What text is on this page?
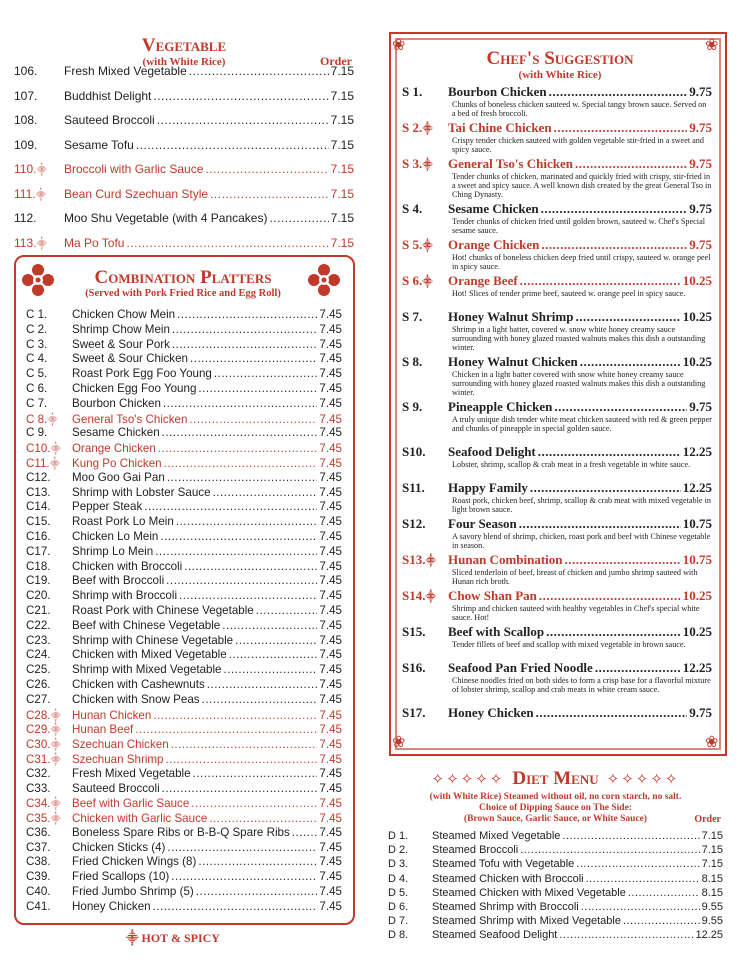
Vegetable
(with White Rice)	Order
106.	Fresh Mixed Vegetable .....	7.15
107.	Buddhist Delight .....	7.15
108.	Sauteed Broccoli .....	7.15
109.	Sesame Tofu .....	7.15
110.⸎	Broccoli with Garlic Sauce .....	7.15
111.⸎	Bean Curd Szechuan Style .....	7.15
112.	Moo Shu Vegetable (with 4 Pancakes) .....	7.15
113.⸎	Ma Po Tofu .....	7.15
Combination Platters
(Served with Pork Fried Rice and Egg Roll)
C 1.	Chicken Chow Mein .....	7.45
C 2.	Shrimp Chow Mein .....	7.45
C 3.	Sweet & Sour Pork .....	7.45
C 4.	Sweet & Sour Chicken .....	7.45
C 5.	Roast Pork Egg Foo Young .....	7.45
C 6.	Chicken Egg Foo Young .....	7.45
C 7.	Bourbon Chicken .....	7.45
C 8.⸎	General Tso's Chicken .....	7.45
C 9.	Sesame Chicken .....	7.45
C10.⸎ Orange Chicken .....	7.45
C11.⸎	Kung Po Chicken .....	7.45
C12.	Moo Goo Gai Pan .....	7.45
C13.	Shrimp with Lobster Sauce .....	7.45
C14.	Pepper Steak .....	7.45
C15.	Roast Pork Lo Mein .....	7.45
C16.	Chicken Lo Mein .....	7.45
C17.	Shrimp Lo Mein .....	7.45
C18.	Chicken with Broccoli .....	7.45
C19.	Beef with Broccoli .....	7.45
C20.	Shrimp with Broccoli .....	7.45
C21.	Roast Pork with Chinese Vegetable .....	7.45
C22.	Beef with Chinese Vegetable .....	7.45
C23.	Shrimp with Chinese Vegetable .....	7.45
C24.	Chicken with Mixed Vegetable .....	7.45
C25.	Shrimp with Mixed Vegetable .....	7.45
C26.	Chicken with Cashewnuts .....	7.45
C27.	Chicken with Snow Peas .....	7.45
C28.⸎ Hunan Chicken .....	7.45
C29.⸎ Hunan Beef .....	7.45
C30.⸎ Szechuan Chicken .....	7.45
C31.⸎ Szechuan Shrimp .....	7.45
C32.	Fresh Mixed Vegetable .....	7.45
C33.	Sauteed Broccoli .....	7.45
C34.⸎ Beef with Garlic Sauce .....	7.45
C35.⸎ Chicken with Garlic Sauce .....	7.45
C36.	Boneless Spare Ribs or B-B-Q Spare Ribs .....	7.45
C37.	Chicken Sticks (4) .....	7.45
C38.	Fried Chicken Wings (8) .....	7.45
C39.	Fried Scallops (10) .....	7.45
C40.	Fried Jumbo Shrimp (5) .....	7.45
C41.	Honey Chicken .....	7.45
⸎ HOT & SPICY
❀	❀
❀	❀
Chef's Suggestion
(with White Rice)
S 1.	Bourbon Chicken .....	9.75
Chunks of boneless chicken sauteed w. Special tangy brown sauce. Served on a bed of fresh broccoli.
S 2.⸎	Tai Chine Chicken .....	9.75
Crispy tender chicken sauteed with golden vegetable stir-fried in a sweet and spicy sauce.
S 3.⸎	General Tso's Chicken .....	9.75
Tender chunks of chicken, marinated and quickly fried with crispy, stir-fried in a sweet and spicy sauce. A well known dish created by the great General Tso in Ching Dynasty.
S 4.	Sesame Chicken .....	9.75
Tender chunks of chicken fried until golden brown, sauteed w. Chef's Special sesame sauce.
S 5.⸎	Orange Chicken .....	9.75
Hot! chunks of boneless chicken deep fried until crispy, sauteed w. orange peel in spicy sauce.
S 6.⸎	Orange Beef .....	10.25
Hot! Slices of tender prime beef, sauteed w. orange peel in spicy sauce.
S 7.	Honey Walnut Shrimp .....	10.25
Shrimp in a light batter, covered w. snow white honey creamy sauce surrounding with honey glazed roasted walnuts makes this dish a outstanding winter.
S 8.	Honey Walnut Chicken .....	10.25
Chicken in a light batter covered with snow white honey creamy sauce surrounding with honey glazed roasted walnuts makes this dish a outstanding winter.
S 9.	Pineapple Chicken .....	9.75
A truly unique dish tender white meat chicken sauteed with red & green pepper and chunks of pineapple in special golden sauce.
S10.	Seafood Delight .....	12.25
Lobster, shrimp, scallop & crab meat in a fresh vegetable in white sauce.
S11.	Happy Family .....	12.25
Roast pork, chicken beef, shrimp, scallop & crab meat with mixed vegetable in light brown sauce.
S12.	Four Season .....	10.75
A savory blend of shrimp, chicken, roast pork and beef with Chinese vegetable in season.
S13.⸎ Hunan Combination .....	10.75
Sliced tenderloin of beef, breast of chicken and jumbo shrimp sauteed with Hunan rich broth.
S14.⸎ Chow Shan Pan .....	10.25
Shrimp and chicken sauteed with healthy vegetables in Chef's special white sauce. Hot!
S15.	Beef with Scallop .....	10.25
Tender fillets of beef and scallop with mixed vegetable in brown sauce.
S16.	Seafood Pan Fried Noodle .....	12.25
Chinese noodles fried on both sides to form a crisp base for a flavorful mixture of lobster shrimp, scallop and crab meats in white cream sauce.
S17.	Honey Chicken .....	9.75
✧✧✧✧✧ Diet Menu ✧✧✧✧✧
(with White Rice) Steamed without oil, no corn starch, no salt.
Choice of Dipping Sauce on The Side:
(Brown Sauce, Garlic Sauce, or White Sauce)	Order
D 1.	Steamed Mixed Vegetable .....	7.15
D 2.	Steamed Broccoli .....	7.15
D 3.	Steamed Tofu with Vegetable .....	7.15
D 4.	Steamed Chicken with Broccoli .....	8.15
D 5.	Steamed Chicken with Mixed Vegetable .....	8.15
D 6.	Steamed Shrimp with Broccoli .....	9.55
D 7.	Steamed Shrimp with Mixed Vegetable .....	9.55
D 8.	Steamed Seafood Delight .....	12.25
